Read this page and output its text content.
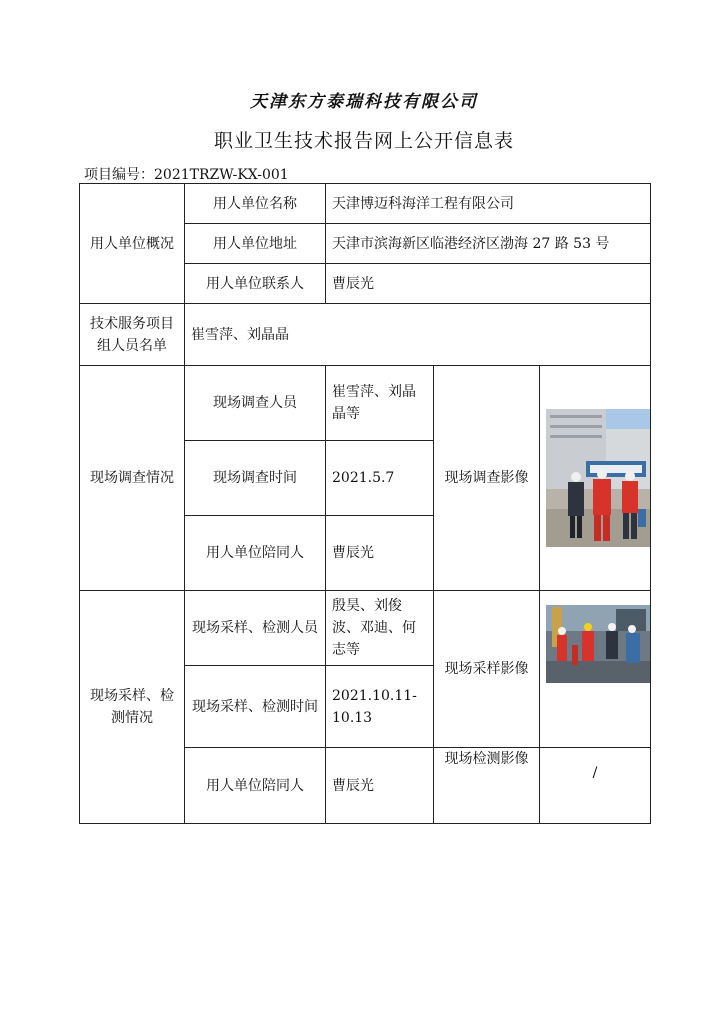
天津东方泰瑞科技有限公司
职业卫生技术报告网上公开信息表
项目编号：2021TRZW-KX-001
用人单位概况	用人单位名称	天津博迈科海洋工程有限公司		
	用人单位地址	天津市滨海新区临港经济区渤海 27 路 53 号		
	用人单位联系人	曹辰光		
技术服务项目组人员名单	崔雪萍、刘晶晶			
现场调查情况	现场调查人员	崔雪萍、刘晶晶等	现场调查影像	

	现场调查时间	2021.5.7		
	用人单位陪同人	曹辰光		
现场采样、检测情况	现场采样、检测人员	殷昊、刘俊波、邓迪、何志等	现场采样影像	

	现场采样、检测时间	2021.10.11-10.13		
	用人单位陪同人	曹辰光	现场检测影像	/
